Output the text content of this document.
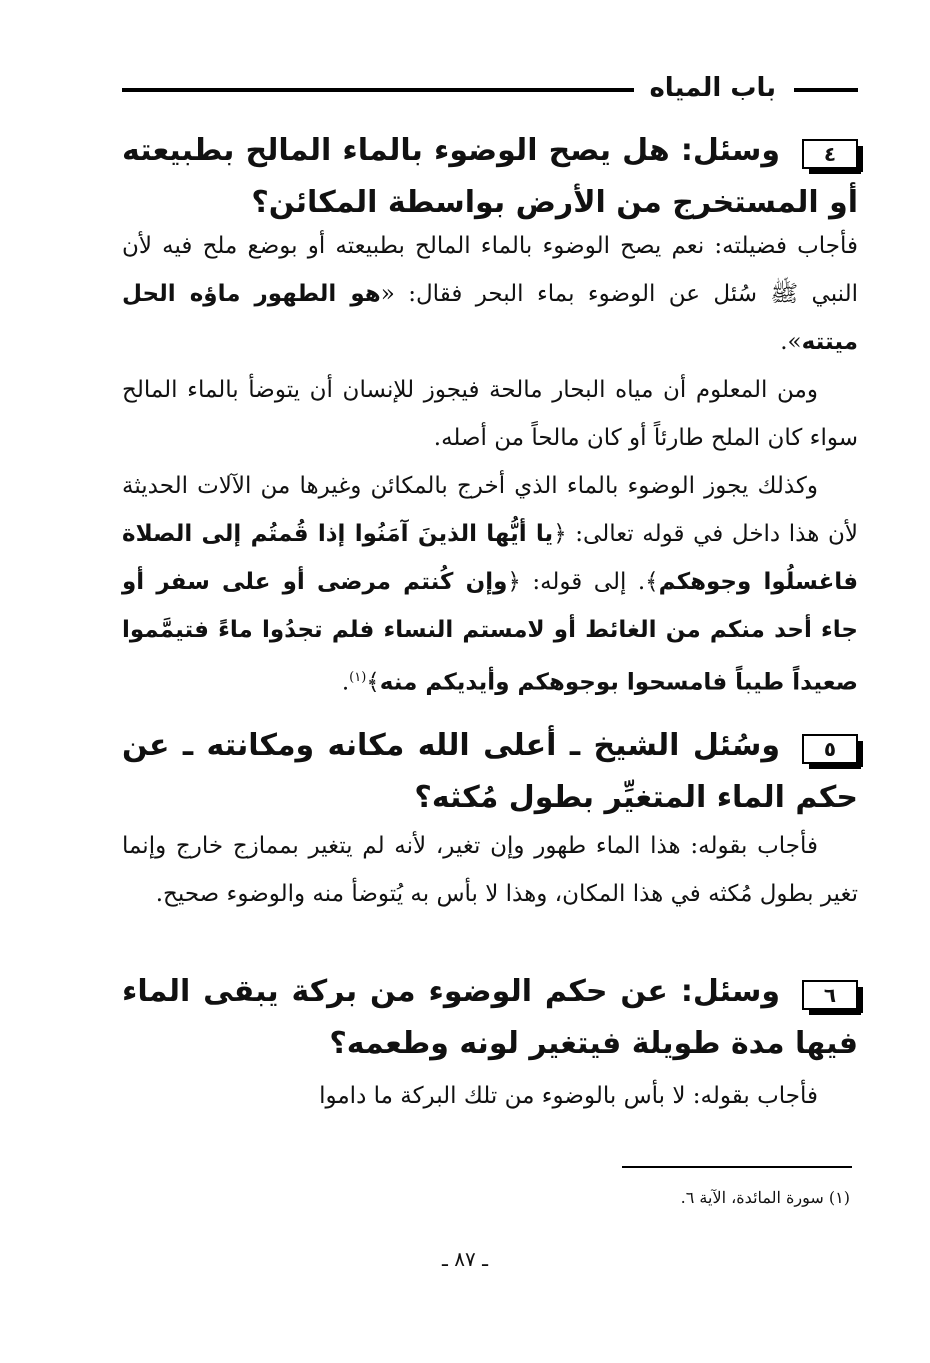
باب المياه
٤
وسئل: هل يصح الوضوء بالماء المالح بطبيعته أو المستخرج من الأرض بواسطة المكائن؟
فأجاب فضيلته: نعم يصح الوضوء بالماء المالح بطبيعته أو بوضع ملح فيه لأن النبي ﷺ سُئل عن الوضوء بماء البحر فقال: «هو الطهور ماؤه الحل ميتته».
ومن المعلوم أن مياه البحار مالحة فيجوز للإنسان أن يتوضأ بالماء المالح سواء كان الملح طارئاً أو كان مالحاً من أصله.
وكذلك يجوز الوضوء بالماء الذي أخرج بالمكائن وغيرها من الآلات الحديثة لأن هذا داخل في قوله تعالى: ﴿يا أيُّها الذينَ آمَنُوا إذا قُمتُم إلى الصلاة فاغسلُوا وجوهكم﴾. إلى قوله: ﴿وإن كُنتم مرضى أو على سفر أو جاء أحد منكم من الغائط أو لامستم النساء فلم تجدُوا ماءً فتيمَّموا صعيداً طيباً فامسحوا بوجوهكم وأيديكم منه﴾$^{(١)}$.
٥
وسُئل الشيخ ـ أعلى الله مكانه ومكانته ـ عن حكم الماء المتغيِّر بطول مُكثه؟
فأجاب بقوله: هذا الماء طهور وإن تغير، لأنه لم يتغير بممازج خارج وإنما تغير بطول مُكثه في هذا المكان، وهذا لا بأس به يُتوضأ منه والوضوء صحيح.
٦
وسئل: عن حكم الوضوء من بركة يبقى الماء فيها مدة طويلة فيتغير لونه وطعمه؟
فأجاب بقوله: لا بأس بالوضوء من تلك البركة ما داموا
(١) سورة المائدة، الآية ٦.
ـ ٨٧ ـ
